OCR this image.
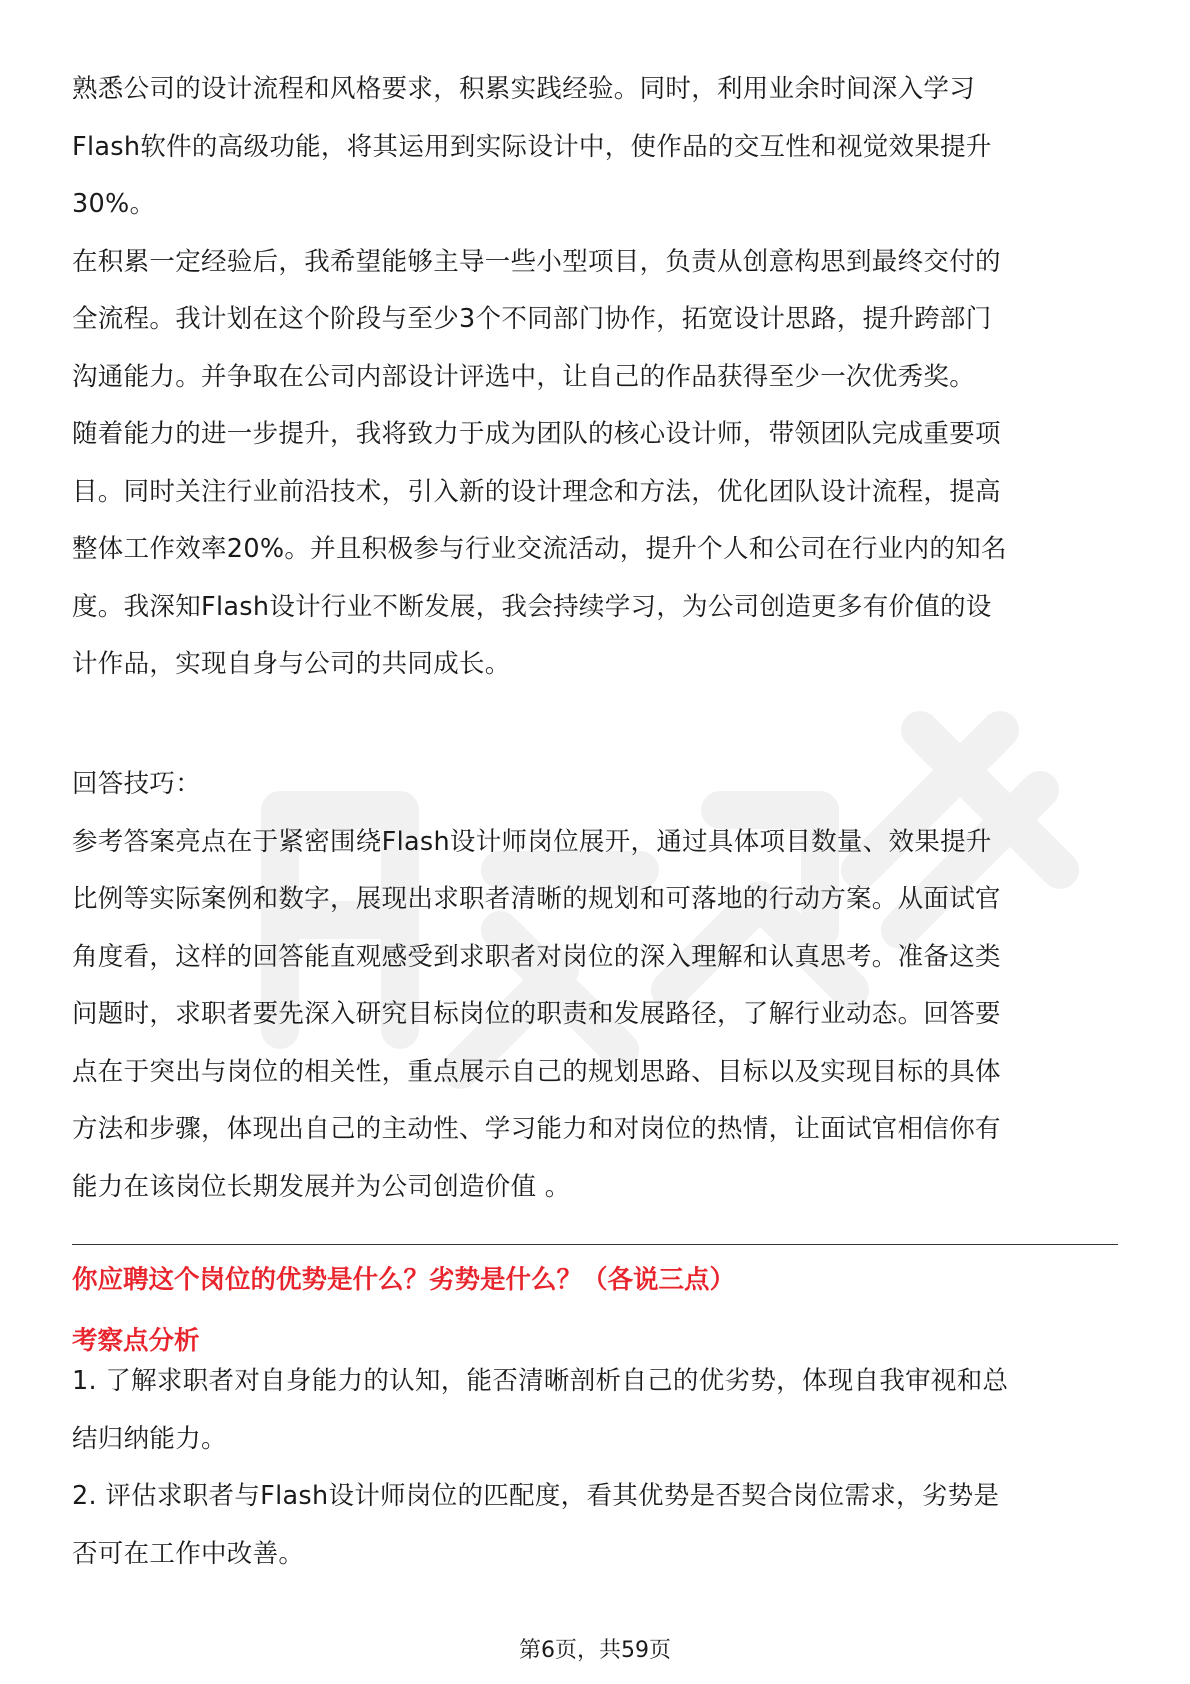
熟悉公司的设计流程和风格要求，积累实践经验。同时，利用业余时间深入学习
Flash软件的高级功能，将其运用到实际设计中，使作品的交互性和视觉效果提升
30%。
在积累一定经验后，我希望能够主导一些小型项目，负责从创意构思到最终交付的
全流程。我计划在这个阶段与至少3个不同部门协作，拓宽设计思路，提升跨部门
沟通能力。并争取在公司内部设计评选中，让自己的作品获得至少一次优秀奖。
随着能力的进一步提升，我将致力于成为团队的核心设计师，带领团队完成重要项
目。同时关注行业前沿技术，引入新的设计理念和方法，优化团队设计流程，提高
整体工作效率20%。并且积极参与行业交流活动，提升个人和公司在行业内的知名
度。我深知Flash设计行业不断发展，我会持续学习，为公司创造更多有价值的设
计作品，实现自身与公司的共同成长。
回答技巧：
参考答案亮点在于紧密围绕Flash设计师岗位展开，通过具体项目数量、效果提升
比例等实际案例和数字，展现出求职者清晰的规划和可落地的行动方案。从面试官
角度看，这样的回答能直观感受到求职者对岗位的深入理解和认真思考。准备这类
问题时，求职者要先深入研究目标岗位的职责和发展路径，了解行业动态。回答要
点在于突出与岗位的相关性，重点展示自己的规划思路、目标以及实现目标的具体
方法和步骤，体现出自己的主动性、学习能力和对岗位的热情，让面试官相信你有
能力在该岗位长期发展并为公司创造价值 。
你应聘这个岗位的优势是什么？劣势是什么？（各说三点）
考察点分析
1. 了解求职者对自身能力的认知，能否清晰剖析自己的优劣势，体现自我审视和总
结归纳能力。
2. 评估求职者与Flash设计师岗位的匹配度，看其优势是否契合岗位需求，劣势是
否可在工作中改善。
第6页，共59页
